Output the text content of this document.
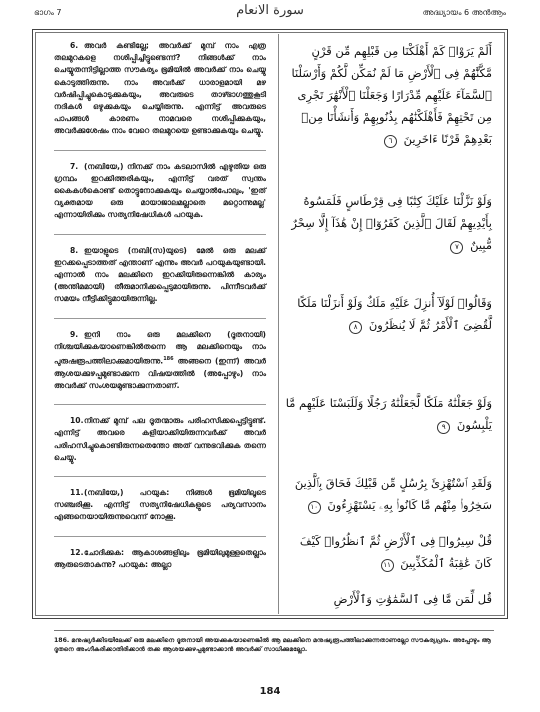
ഭാഗം 7	سورة الانعام	അദ്ധ്യായം 6 അൻആം

6. അവർ കണ്ടില്ലേ; അവർക്ക് മുമ്പ് നാം എത്ര തലമുറകളെ നശിപ്പിച്ചിട്ടുണ്ടെന്ന്? നിങ്ങൾക്ക് നാം ചെയ്യുതന്നിട്ടില്ലാത്ത സൗകര്യം ഭൂമിയിൽ അവർക്ക് നാം ചെയ്യു കൊടുത്തിരുന്നു. നാം അവർക്ക് ധാരാളമായി മഴ വർഷിപ്പിച്ചുകൊടുക്കുകയും, അവരുടെ താഴ്ഭാഗത്തുകൂടി നദികൾ ഒഴുക്കുകയും ചെയ്യിരുന്നു. എന്നിട്ട് അവരുടെ പാപങ്ങൾ കാരണം നാമവരെ നശിപ്പിക്കുകയും, അവർക്കുശേഷം നാം വേറെ തലമുറയെ ഉണ്ടാക്കുകയും ചെയ്യു.

7. (നബിയേ,) നിനക്ക് നാം കടലാസിൽ എഴുതിയ ഒരു ഗ്രന്ഥം ഇറക്കിത്തരികയും, എന്നിട്ട് വരത് സ്വന്തം കൈകൾകൊണ്ട് തൊട്ടുനോക്കുകയും ചെയ്യാൽപോലും, 'ഇത് വ്യക്തമായ ഒരു മായാജാലമല്ലാതെ മറ്റൊന്നുമല്ല' എന്നായിരിക്കും സത്യനിഷേധികൾ പറയുക.

8. ഇയാളുടെ (നബി(സ)യുടെ) മേൽ ഒരു മലക്ക് ഇറക്കപ്പെടാത്തത് എന്താണ് എന്നും അവർ പറയുകയുണ്ടായി. എന്നാൽ നാം മലക്കിനെ ഇറക്കിയിരുന്നെങ്കിൽ കാര്യം (അന്തിമമായി) തീരുമാനിക്കപ്പെടുമായിരുന്നു. പിന്നീടവർക്ക് സമയം നീട്ടിക്കിട്ടുമായിരുന്നില്ല.

9. ഇനി നാം ഒരു മലക്കിനെ (ദൂതനായി) നിശ്ചയിക്കുകയാണെങ്കിൽതന്നെ ആ മലക്കിനെയും നാം പുരുഷരൂപത്തിലാക്കുമായിരുന്നു.$^{186}$ അങ്ങനെ (ഇന്ന്) അവർ ആശയക്കുഴപ്പമുണ്ടാക്കുന്ന വിഷയത്തിൽ (അപ്പോഴും) നാം അവർക്ക് സംശയമുണ്ടാക്കുന്നതാണ്.

10.നിനക്ക് മുമ്പ് പല ദൂതന്മാരും പരിഹസിക്കപ്പെട്ടിട്ടുണ്ട്. എന്നിട്ട് അവരെ കളിയാക്കിയിരുന്നവർക്ക് അവർ പരിഹസിച്ചുകൊണ്ടിരുന്നതെന്തോ അത് വന്നുഭവിക്കുക തന്നെ ചെയ്യു.

11.(നബിയേ,) പറയുക: നിങ്ങൾ ഭൂമിയിലൂടെ സഞ്ചരിക്കൂ. എന്നിട്ട് സത്യനിഷേധികളുടെ പര്യവസാനം എങ്ങനെയായിരുന്നുവെന്ന് നോക്കൂ.

12.ചോദിക്കുക: ആകാശങ്ങളിലും ഭൂമിയിലുമുള്ളതെല്ലാം ആരുടെതാകുന്നു? പറയുക: അല്ലാ

أَلَمْ يَرَوْا۟ كَمْ أَهْلَكْنَا مِن قَبْلِهِم مِّن قَرْنٍ مَّكَّنَّٰهُمْ فِى ٱلْأَرْضِ مَا لَمْ نُمَكِّن لَّكُمْ وَأَرْسَلْنَا ٱلسَّمَآءَ عَلَيْهِم مِّدْرَارًا وَجَعَلْنَا ٱلْأَنْهَٰرَ تَجْرِى مِن تَحْتِهِمْ فَأَهْلَكْنَٰهُم بِذُنُوبِهِمْ وَأَنشَأْنَا مِنۢ بَعْدِهِمْ قَرْنًا ءَاخَرِينَ ٦
وَلَوْ نَزَّلْنَا عَلَيْكَ كِتَٰبًا فِى قِرْطَاسٍ فَلَمَسُوهُ بِأَيْدِيهِمْ لَقَالَ ٱلَّذِينَ كَفَرُوٓا۟ إِنْ هَٰذَآ إِلَّا سِحْرٌ مُّبِينٌ ٧
وَقَالُوا۟ لَوْلَآ أُنزِلَ عَلَيْهِ مَلَكٌ وَلَوْ أَنزَلْنَا مَلَكًا لَّقُضِىَ ٱلْأَمْرُ ثُمَّ لَا يُنظَرُونَ ٨
وَلَوْ جَعَلْنَٰهُ مَلَكًا لَّجَعَلْنَٰهُ رَجُلًا وَلَلَبَسْنَا عَلَيْهِم مَّا يَلْبِسُونَ ٩
وَلَقَدِ ٱسْتُهْزِئَ بِرُسُلٍ مِّن قَبْلِكَ فَحَاقَ بِٱلَّذِينَ سَخِرُوا۟ مِنْهُم مَّا كَانُوا۟ بِهِۦ يَسْتَهْزِءُونَ ١٠
قُلْ سِيرُوا۟ فِى ٱلْأَرْضِ ثُمَّ ٱنظُرُوا۟ كَيْفَ كَانَ عَٰقِبَةُ ٱلْمُكَذِّبِينَ ١١
قُل لِّمَن مَّا فِى ٱلسَّمَٰوَٰتِ وَٱلْأَرْضِ
186. മനുഷ്യർക്കിടയിലേക്ക് ഒരു മലക്കിനെ ദൂതനായി അയക്കുകയാണെങ്കിൽ ആ മലക്കിനെ മനുഷ്യരൂപത്തിലാക്കുന്നതാണല്ലോ സൗകര്യപ്രദം. അപ്പോഴും ആ ദൂതനെ അംഗീകരിക്കാതിരിക്കാൻ തക്ക ആശയക്കുഴപ്പമുണ്ടാക്കാൻ അവർക്ക് സാധിക്കുമല്ലോ.
184
